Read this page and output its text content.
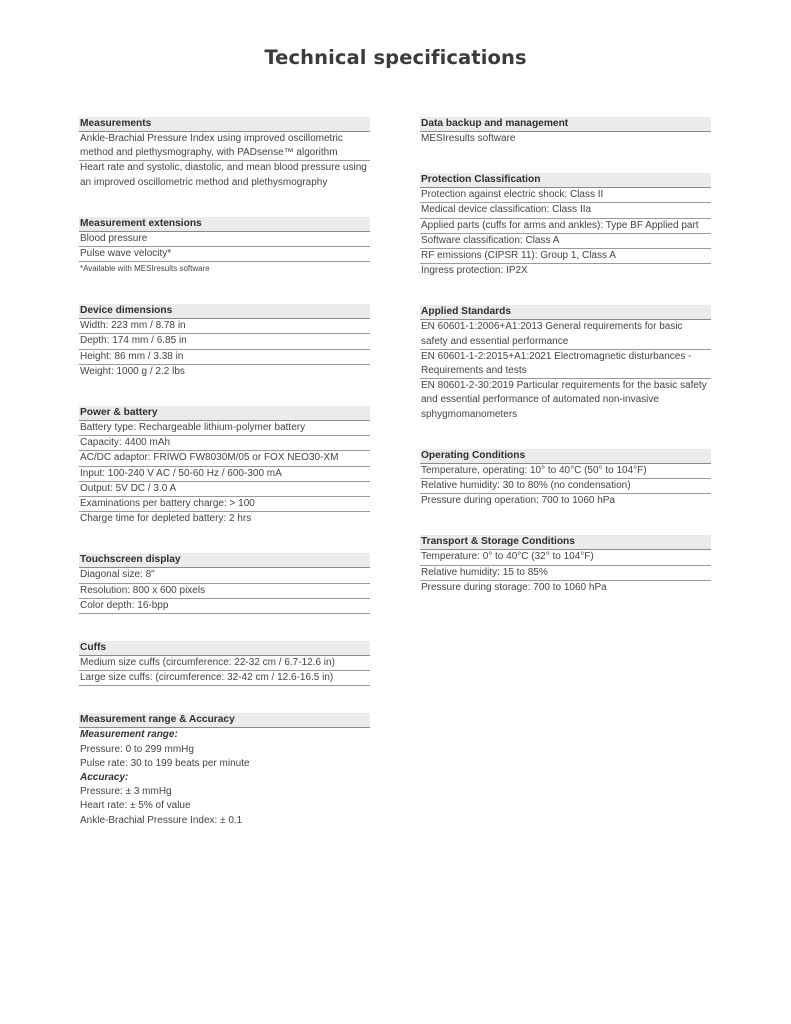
Technical specifications
Measurements
Ankle-Brachial Pressure Index using improved oscillometric method and plethysmography, with PADsense™ algorithm
Heart rate and systolic, diastolic, and mean blood pressure using an improved oscillometric method and plethysmography
Measurement extensions
Blood pressure
Pulse wave velocity*
*Available with MESIresults software
Device dimensions
Width: 223 mm / 8.78 in
Depth: 174 mm / 6.85 in
Height: 86 mm / 3.38 in
Weight: 1000 g / 2.2 lbs
Power & battery
Battery type: Rechargeable lithium-polymer battery
Capacity: 4400 mAh
AC/DC adaptor: FRIWO FW8030M/05 or FOX NEO30-XM
Input: 100-240 V AC / 50-60 Hz / 600-300 mA
Output: 5V DC / 3.0 A
Examinations per battery charge: > 100
Charge time for depleted battery: 2 hrs
Touchscreen display
Diagonal size: 8"
Resolution: 800 x 600 pixels
Color depth: 16-bpp
Cuffs
Medium size cuffs (circumference: 22-32 cm / 6.7-12.6 in)
Large size cuffs: (circumference: 32-42 cm / 12.6-16.5 in)
Measurement range & Accuracy
Measurement range:
Pressure: 0 to 299 mmHg
Pulse rate: 30 to 199 beats per minute
Accuracy:
Pressure: ± 3 mmHg
Heart rate: ± 5% of value
Ankle-Brachial Pressure Index: ± 0.1
Data backup and management
MESIresults software
Protection Classification
Protection against electric shock: Class II
Medical device classification: Class IIa
Applied parts (cuffs for arms and ankles): Type BF Applied part
Software classification: Class A
RF emissions (CIPSR 11): Group 1, Class A
Ingress protection: IP2X
Applied Standards
EN 60601-1:2006+A1:2013 General requirements for basic safety and essential performance
EN 60601-1-2:2015+A1:2021 Electromagnetic disturbances - Requirements and tests
EN 80601-2-30:2019 Particular requirements for the basic safety and essential performance of automated non-invasive sphygmomanometers
Operating Conditions
Temperature, operating: 10° to 40°C (50° to 104°F)
Relative humidity: 30 to 80% (no condensation)
Pressure during operation: 700 to 1060 hPa
Transport & Storage Conditions
Temperature: 0° to 40°C (32° to 104°F)
Relative humidity: 15 to 85%
Pressure during storage: 700 to 1060 hPa
